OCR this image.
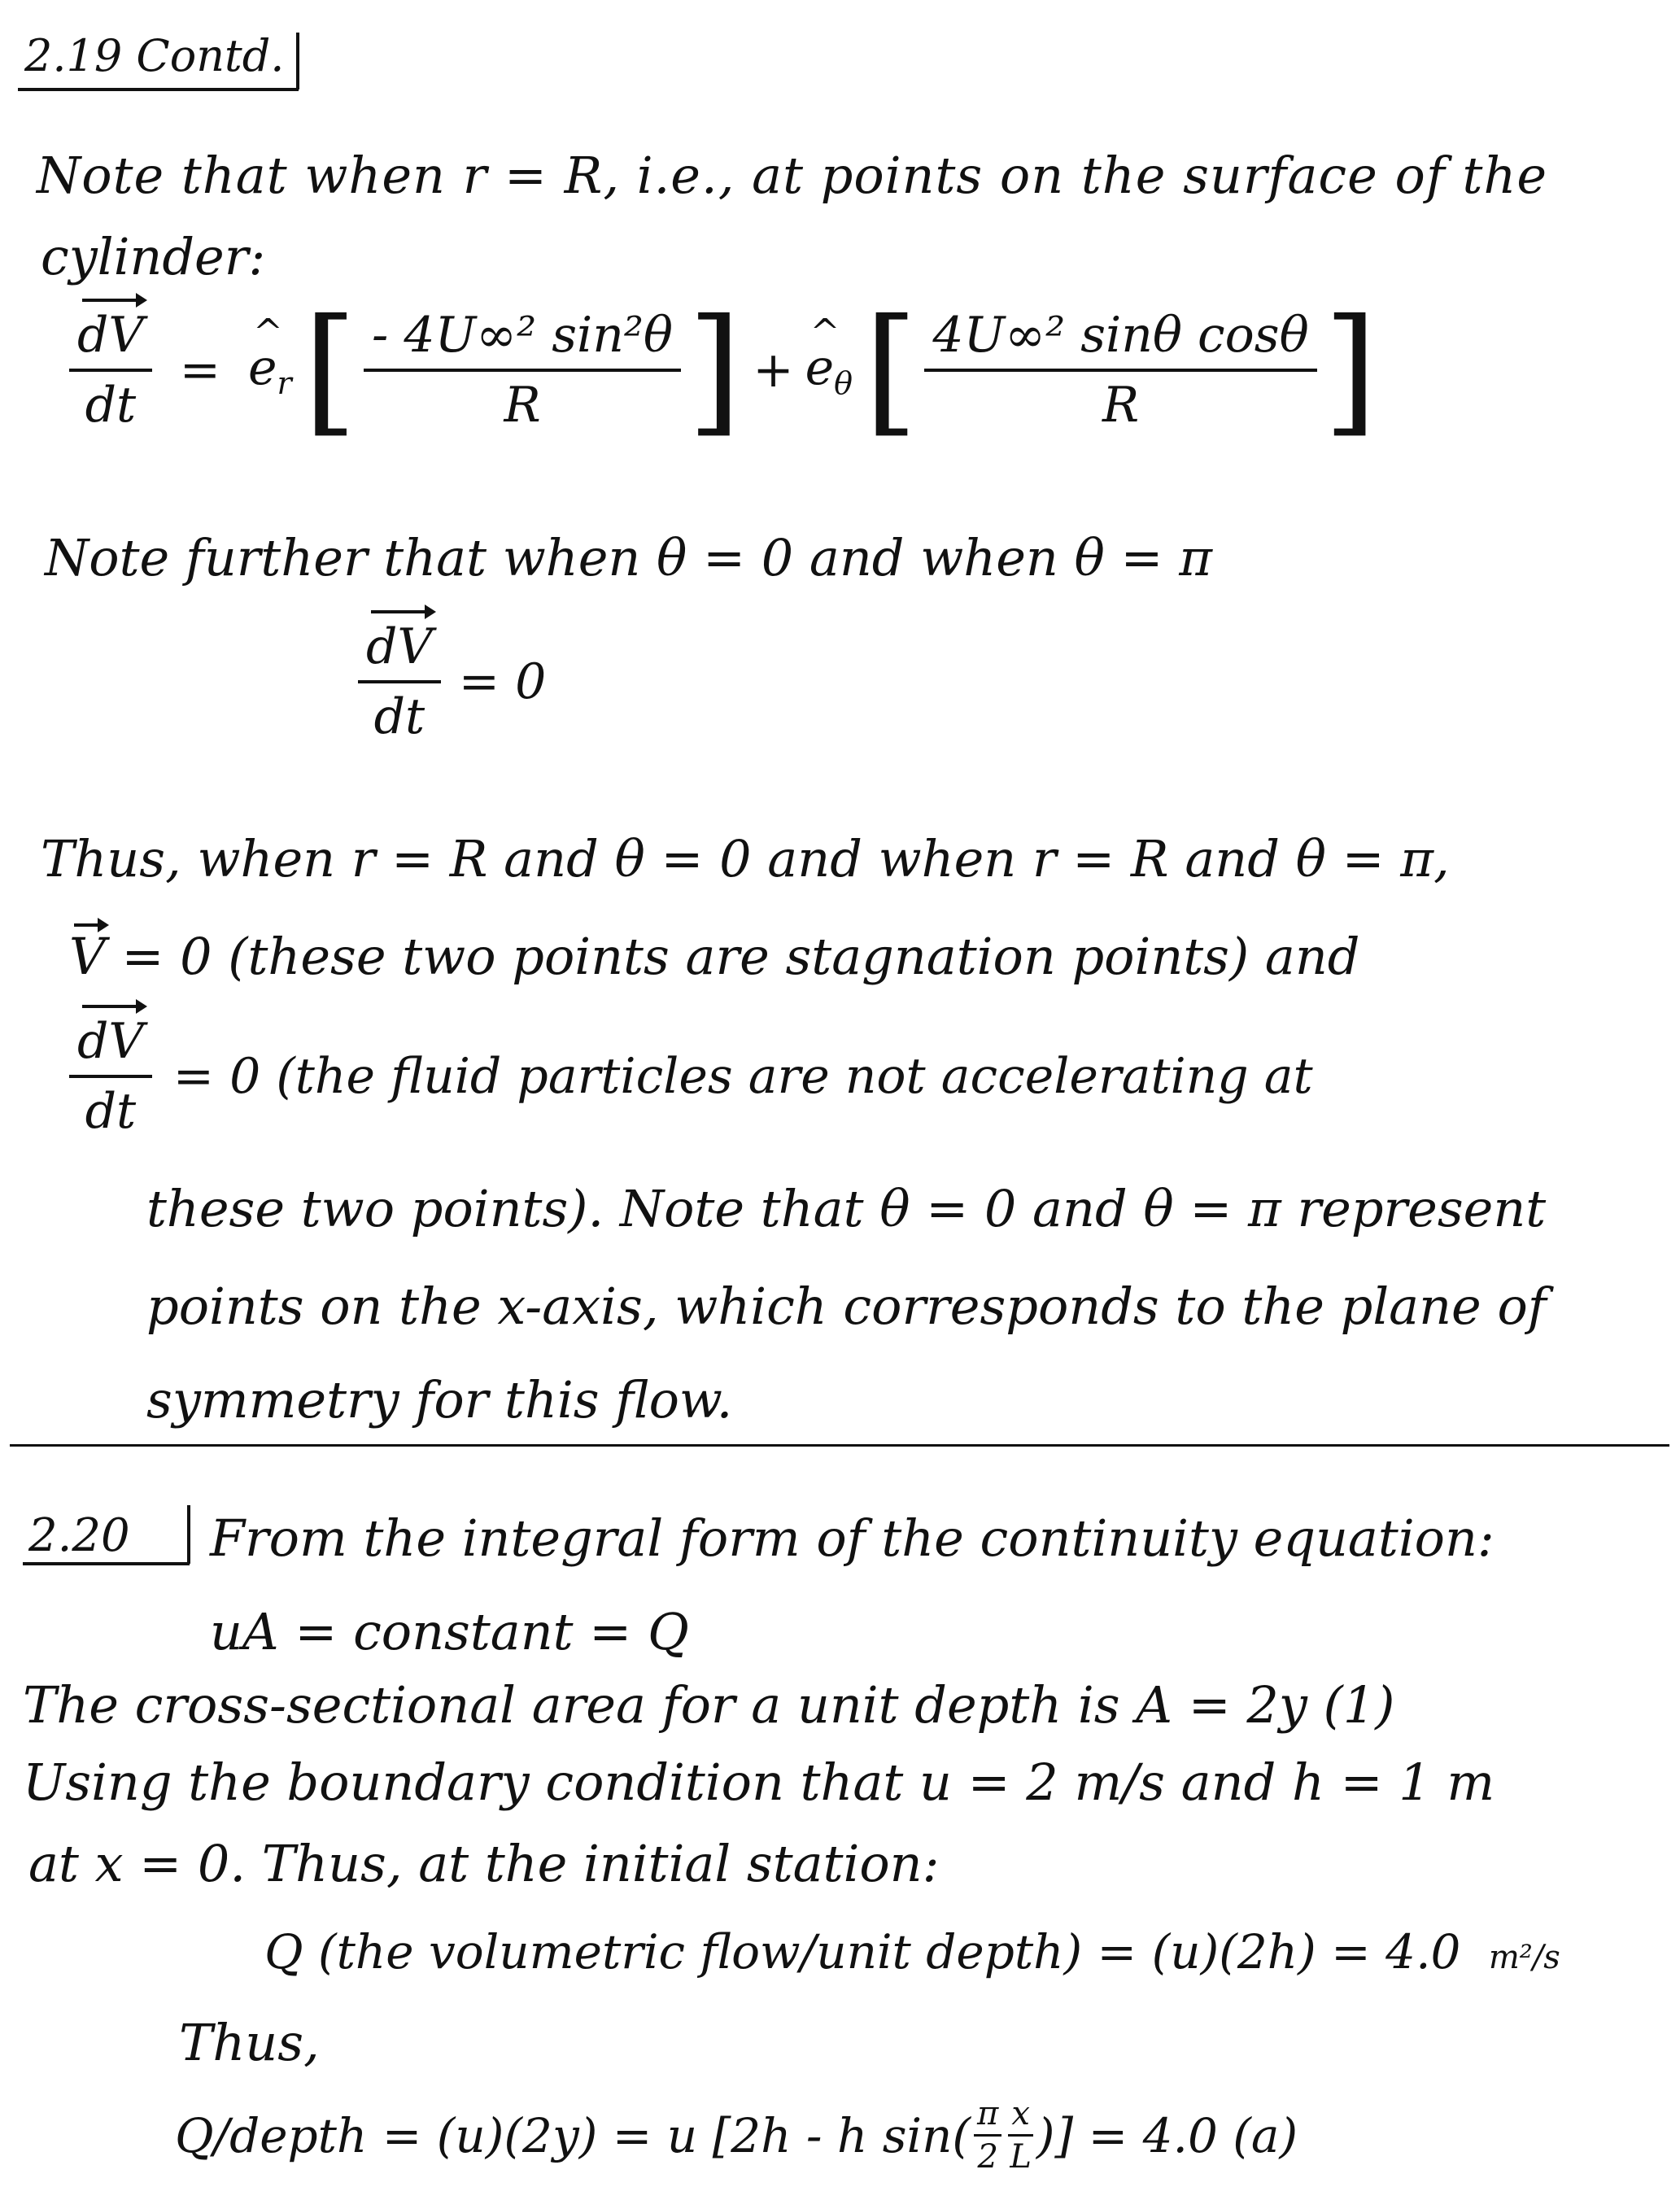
2.19 Contd.
Note that when r = R, i.e., at points on the surface of the
cylinder:
$\frac{dV}{dt}$ = ^ $e_r$ [ $\frac{\text{- 4U∞² sin²θ}}{R}$ ] + ^ $e_\theta$ [ $\frac{\text{4U∞² sinθ cosθ}}{R}$ ]
Note further that when θ = 0 and when θ = π
$\frac{dV}{dt} = 0$
Thus, when r = R and θ = 0 and when r = R and θ = π,
V = 0 (these two points are stagnation points) and
$\frac{dV}{dt} = 0$ (the fluid particles are not accelerating at
these two points). Note that θ = 0 and θ = π represent
points on the x-axis, which corresponds to the plane of
symmetry for this flow.
2.20 From the integral form of the continuity equation:
uA = constant = Q
The cross-sectional area for a unit depth is A = 2y (1)
Using the boundary condition that u = 2 m/s and h = 1 m
at x = 0. Thus, at the initial station:
Q (the volumetric flow/unit depth) = (u)(2h) = 4.0 m²/s
Thus,
Q/depth = (u)(2y) = u [2h - h $\sin( \frac{\pi}{2} \frac{x}{L}$ )] = 4.0 (a)
